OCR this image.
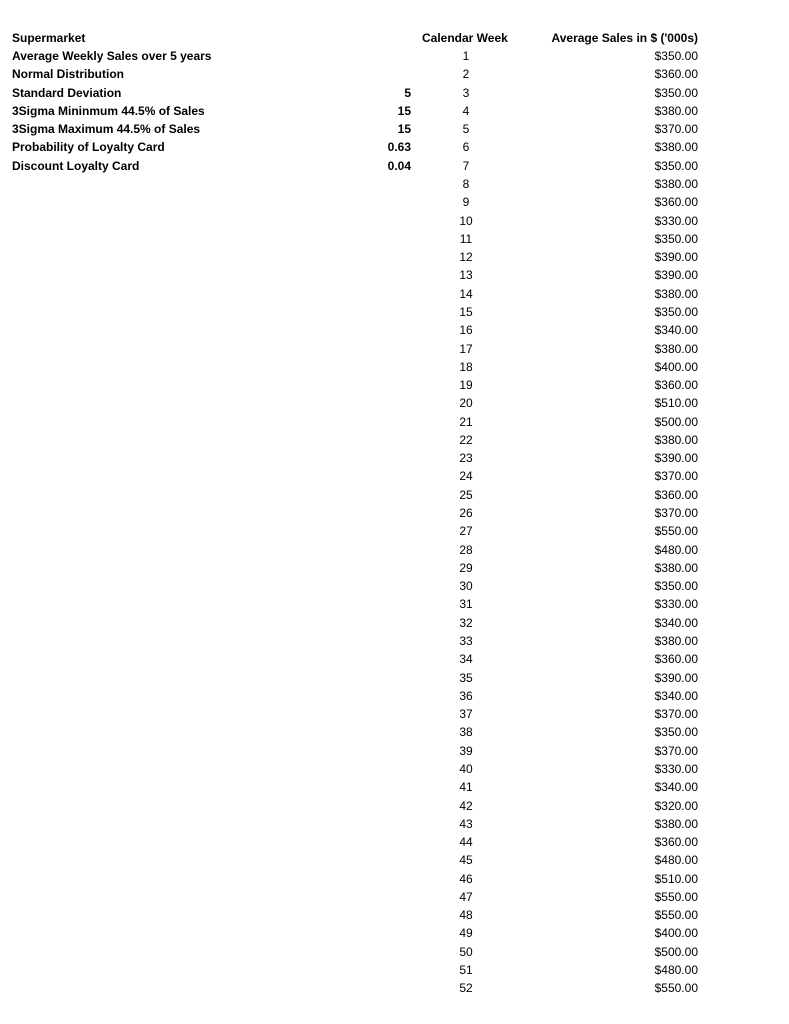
Supermarket	Calendar Week	Average Sales in $ ('000s)
Average Weekly Sales over 5 years
Normal Distribution
Standard Deviation	5
3Sigma Mininmum 44.5% of Sales	15
3Sigma Maximum 44.5% of Sales	15
Probability of Loyalty Card	0.63
Discount Loyalty Card	0.04
1	$350.00
2	$360.00
3	$350.00
4	$380.00
5	$370.00
6	$380.00
7	$350.00
8	$380.00
9	$360.00
10	$330.00
11	$350.00
12	$390.00
13	$390.00
14	$380.00
15	$350.00
16	$340.00
17	$380.00
18	$400.00
19	$360.00
20	$510.00
21	$500.00
22	$380.00
23	$390.00
24	$370.00
25	$360.00
26	$370.00
27	$550.00
28	$480.00
29	$380.00
30	$350.00
31	$330.00
32	$340.00
33	$380.00
34	$360.00
35	$390.00
36	$340.00
37	$370.00
38	$350.00
39	$370.00
40	$330.00
41	$340.00
42	$320.00
43	$380.00
44	$360.00
45	$480.00
46	$510.00
47	$550.00
48	$550.00
49	$400.00
50	$500.00
51	$480.00
52	$550.00
